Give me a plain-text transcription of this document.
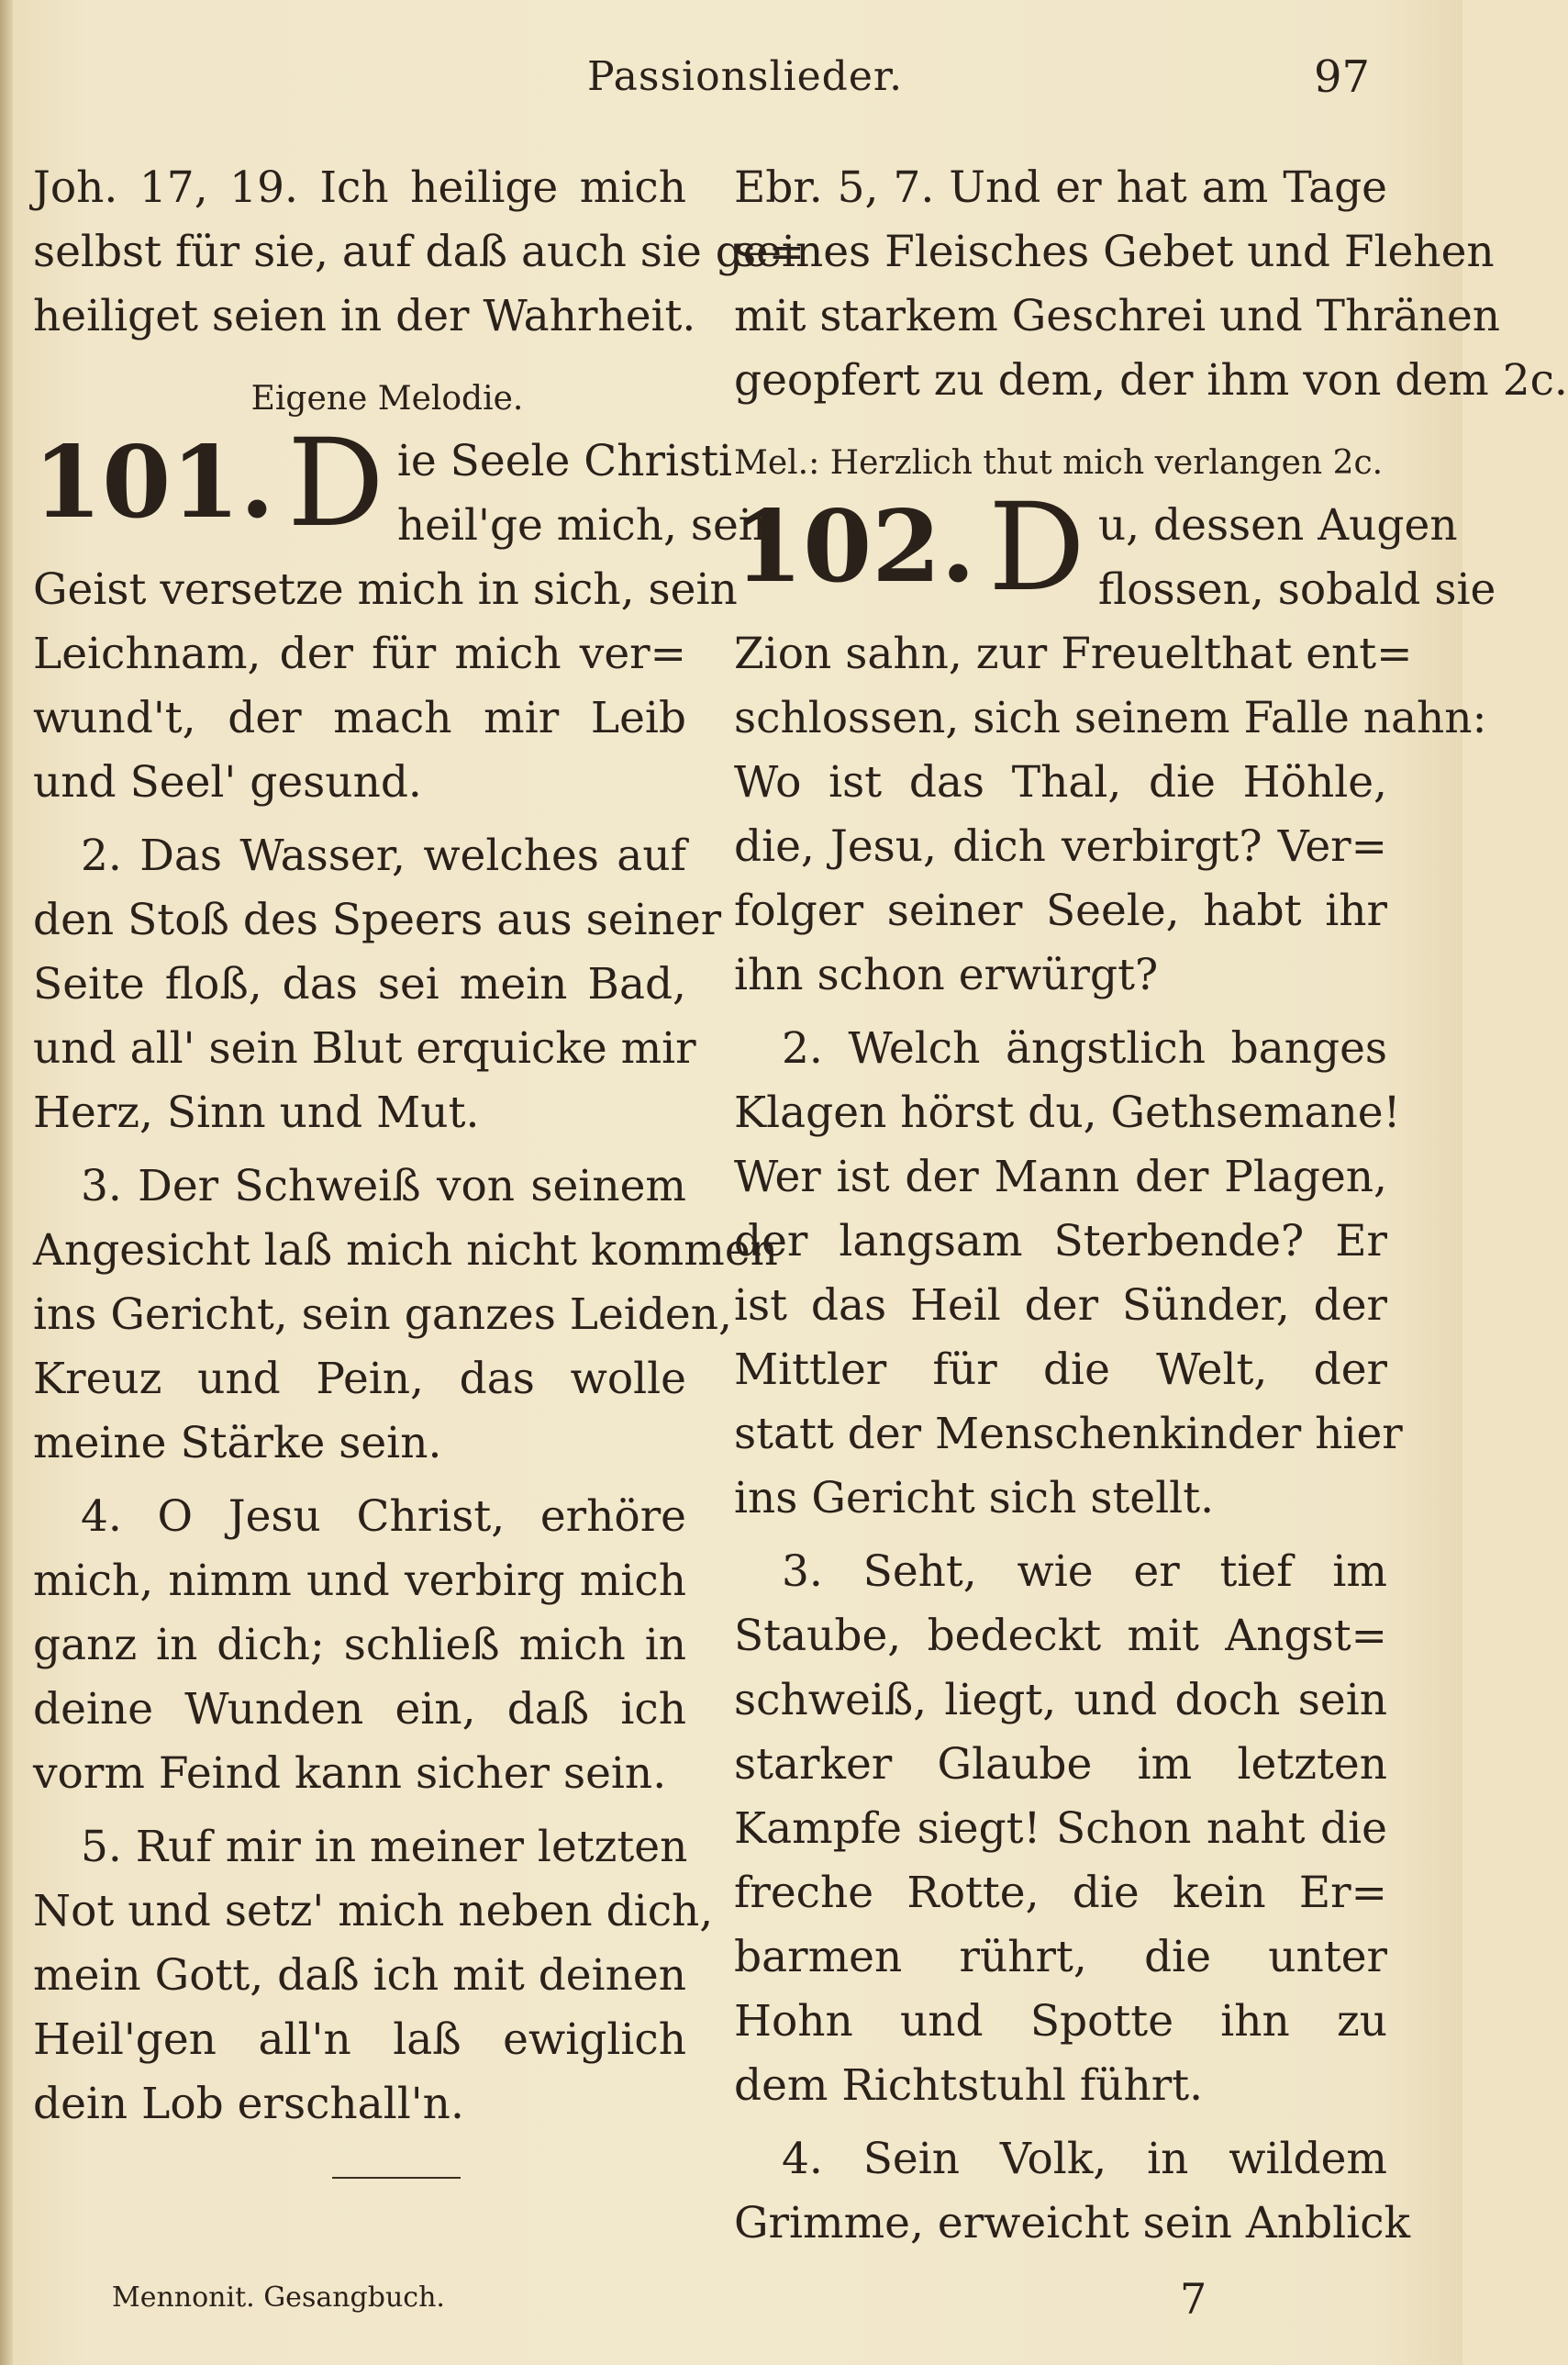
Passionslieder.	97
Joh. 17, 19. Ich heilige mich
selbst für sie, auf daß auch sie ge=
heiliget seien in der Wahrheit.
Eigene Melodie.
101. D ie Seele Christi
heil'ge mich, sein
Geist versetze mich in sich, sein
Leichnam, der für mich ver=
wund't, der mach mir Leib
und Seel' gesund.
2. Das Wasser, welches auf
den Stoß des Speers aus seiner
Seite floß, das sei mein Bad,
und all' sein Blut erquicke mir
Herz, Sinn und Mut.
3. Der Schweiß von seinem
Angesicht laß mich nicht kommen
ins Gericht, sein ganzes Leiden,
Kreuz und Pein, das wolle
meine Stärke sein.
4. O Jesu Christ, erhöre
mich, nimm und verbirg mich
ganz in dich; schließ mich in
deine Wunden ein, daß ich
vorm Feind kann sicher sein.
5. Ruf mir in meiner letzten
Not und setz' mich neben dich,
mein Gott, daß ich mit deinen
Heil'gen all'n laß ewiglich
dein Lob erschall'n.
Ebr. 5, 7. Und er hat am Tage
seines Fleisches Gebet und Flehen
mit starkem Geschrei und Thränen
geopfert zu dem, der ihm von dem 2c.
Mel.: Herzlich thut mich verlangen 2c.
102. D u, dessen Augen
flossen, sobald sie
Zion sahn, zur Freuelthat ent=
schlossen, sich seinem Falle nahn:
Wo ist das Thal, die Höhle,
die, Jesu, dich verbirgt? Ver=
folger seiner Seele, habt ihr
ihn schon erwürgt?
2. Welch ängstlich banges
Klagen hörst du, Gethsemane!
Wer ist der Mann der Plagen,
der langsam Sterbende? Er
ist das Heil der Sünder, der
Mittler für die Welt, der
statt der Menschenkinder hier
ins Gericht sich stellt.
3. Seht, wie er tief im
Staube, bedeckt mit Angst=
schweiß, liegt, und doch sein
starker Glaube im letzten
Kampfe siegt! Schon naht die
freche Rotte, die kein Er=
barmen rührt, die unter
Hohn und Spotte ihn zu
dem Richtstuhl führt.
4. Sein Volk, in wildem
Grimme, erweicht sein Anblick
Mennonit. Gesangbuch.	7
